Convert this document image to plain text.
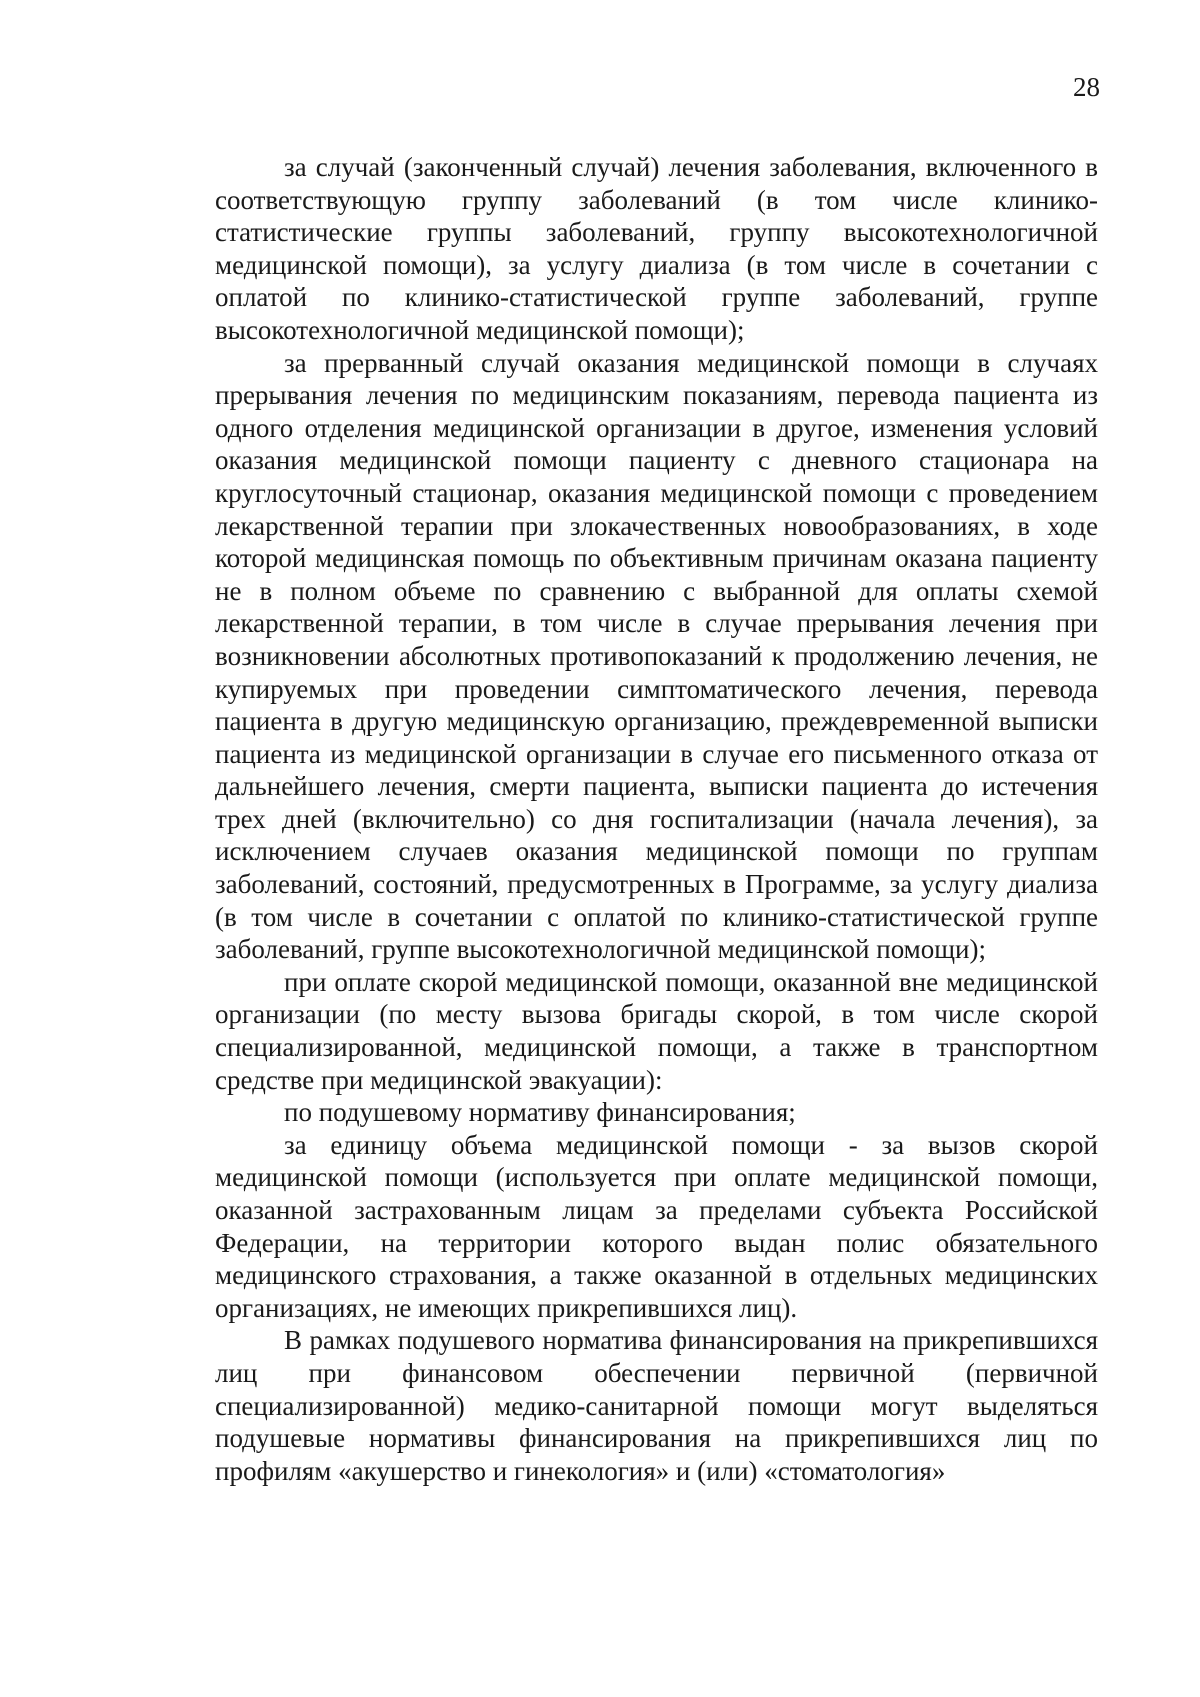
28

за случай (законченный случай) лечения заболевания, включенного в соответствующую группу заболеваний (в том числе клинико-статистические группы заболеваний, группу высокотехнологичной медицинской помощи), за услугу диализа (в том числе в сочетании с оплатой по клинико-статистической группе заболеваний, группе высокотехнологичной медицинской помощи);

за прерванный случай оказания медицинской помощи в случаях прерывания лечения по медицинским показаниям, перевода пациента из одного отделения медицинской организации в другое, изменения условий оказания медицинской помощи пациенту с дневного стационара на круглосуточный стационар, оказания медицинской помощи с проведением лекарственной терапии при злокачественных новообразованиях, в ходе которой медицинская помощь по объективным причинам оказана пациенту не в полном объеме по сравнению с выбранной для оплаты схемой лекарственной терапии, в том числе в случае прерывания лечения при возникновении абсолютных противопоказаний к продолжению лечения, не купируемых при проведении симптоматического лечения, перевода пациента в другую медицинскую организацию, преждевременной выписки пациента из медицинской организации в случае его письменного отказа от дальнейшего лечения, смерти пациента, выписки пациента до истечения трех дней (включительно) со дня госпитализации (начала лечения), за исключением случаев оказания медицинской помощи по группам заболеваний, состояний, предусмотренных в Программе, за услугу диализа (в том числе в сочетании с оплатой по клинико-статистической группе заболеваний, группе высокотехнологичной медицинской помощи);

при оплате скорой медицинской помощи, оказанной вне медицинской организации (по месту вызова бригады скорой, в том числе скорой специализированной, медицинской помощи, а также в транспортном средстве при медицинской эвакуации):

по подушевому нормативу финансирования;

за единицу объема медицинской помощи - за вызов скорой медицинской помощи (используется при оплате медицинской помощи, оказанной застрахованным лицам за пределами субъекта Российской Федерации, на территории которого выдан полис обязательного медицинского страхования, а также оказанной в отдельных медицинских организациях, не имеющих прикрепившихся лиц).

В рамках подушевого норматива финансирования на прикрепившихся лиц при финансовом обеспечении первичной (первичной специализированной) медико-санитарной помощи могут выделяться подушевые нормативы финансирования на прикрепившихся лиц по профилям «акушерство и гинекология» и (или) «стоматология»
